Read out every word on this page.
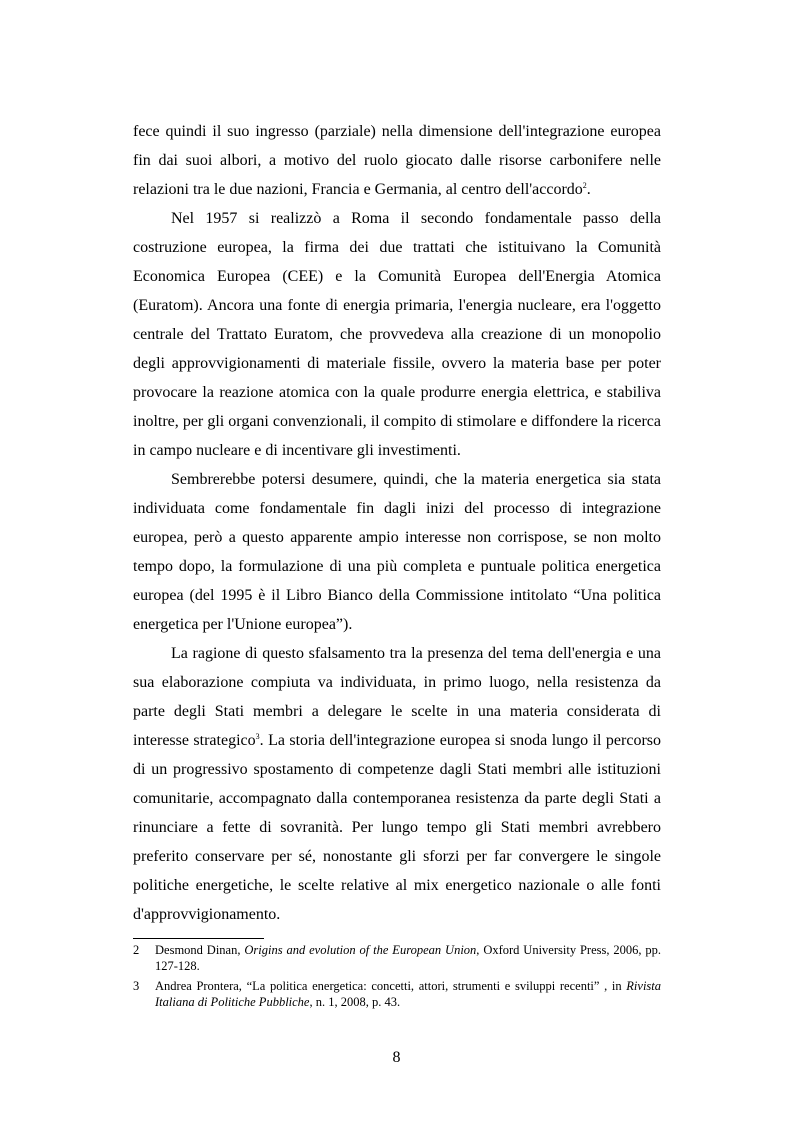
fece quindi il suo ingresso (parziale) nella dimensione dell'integrazione europea fin dai suoi albori, a motivo del ruolo giocato dalle risorse carbonifere nelle relazioni tra le due nazioni, Francia e Germania, al centro dell'accordo$^2$.

Nel 1957 si realizzò a Roma il secondo fondamentale passo della costruzione europea, la firma dei due trattati che istituivano la Comunità Economica Europea (CEE) e la Comunità Europea dell'Energia Atomica (Euratom). Ancora una fonte di energia primaria, l'energia nucleare, era l'oggetto centrale del Trattato Euratom, che provvedeva alla creazione di un monopolio degli approvvigionamenti di materiale fissile, ovvero la materia base per poter provocare la reazione atomica con la quale produrre energia elettrica, e stabiliva inoltre, per gli organi convenzionali, il compito di stimolare e diffondere la ricerca in campo nucleare e di incentivare gli investimenti.

Sembrerebbe potersi desumere, quindi, che la materia energetica sia stata individuata come fondamentale fin dagli inizi del processo di integrazione europea, però a questo apparente ampio interesse non corrispose, se non molto tempo dopo, la formulazione di una più completa e puntuale politica energetica europea (del 1995 è il Libro Bianco della Commissione intitolato “Una politica energetica per l'Unione europea”).

La ragione di questo sfalsamento tra la presenza del tema dell'energia e una sua elaborazione compiuta va individuata, in primo luogo, nella resistenza da parte degli Stati membri a delegare le scelte in una materia considerata di interesse strategico$^3$. La storia dell'integrazione europea si snoda lungo il percorso di un progressivo spostamento di competenze dagli Stati membri alle istituzioni comunitarie, accompagnato dalla contemporanea resistenza da parte degli Stati a rinunciare a fette di sovranità. Per lungo tempo gli Stati membri avrebbero preferito conservare per sé, nonostante gli sforzi per far convergere le singole politiche energetiche, le scelte relative al mix energetico nazionale o alle fonti d'approvvigionamento.

2 Desmond Dinan, Origins and evolution of the European Union, Oxford University Press, 2006, pp. 127-128.
3 Andrea Prontera, “La politica energetica: concetti, attori, strumenti e sviluppi recenti” , in Rivista Italiana di Politiche Pubbliche, n. 1, 2008, p. 43.
8
